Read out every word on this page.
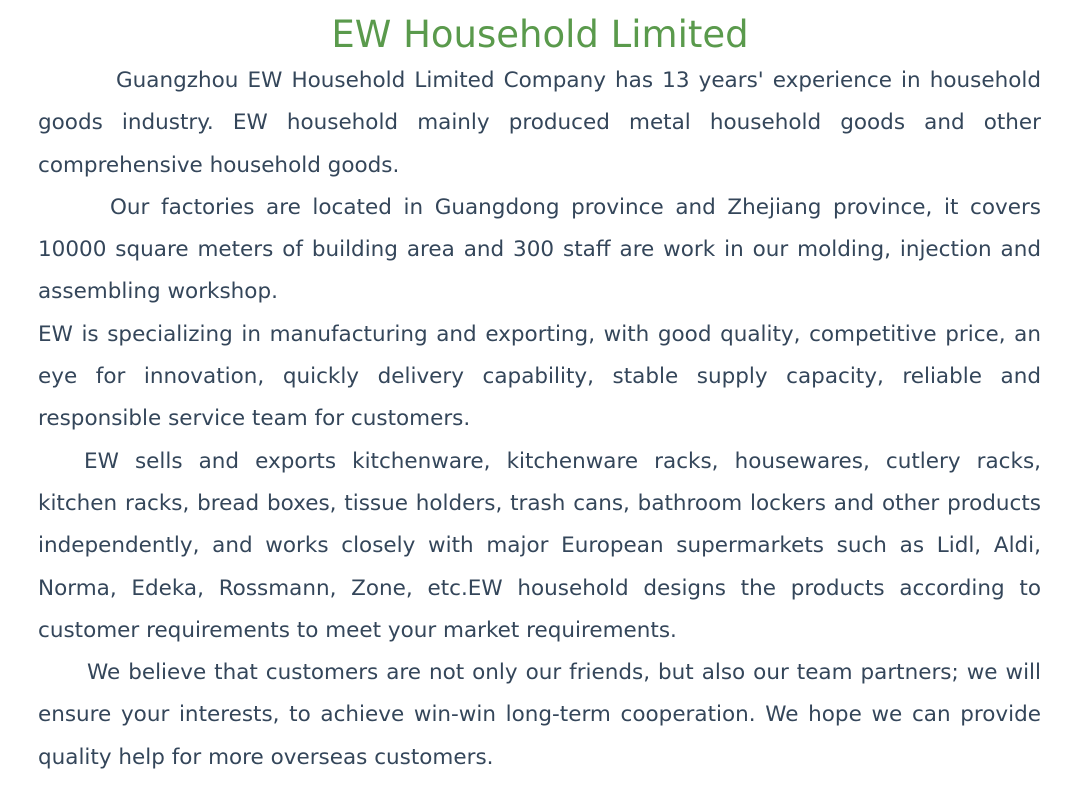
EW Household Limited

Guangzhou EW Household Limited Company has 13 years' experience in household goods industry. EW household mainly produced metal household goods and other comprehensive household goods.

Our factories are located in Guangdong province and Zhejiang province, it covers 10000 square meters of building area and 300 staff are work in our molding, injection and assembling workshop.

EW is specializing in manufacturing and exporting, with good quality, competitive price, an eye for innovation, quickly delivery capability, stable supply capacity, reliable and responsible service team for customers.

EW sells and exports kitchenware, kitchenware racks, housewares, cutlery racks, kitchen racks, bread boxes, tissue holders, trash cans, bathroom lockers and other products independently, and works closely with major European supermarkets such as Lidl, Aldi, Norma, Edeka, Rossmann, Zone, etc.EW household designs the products according to customer requirements to meet your market requirements.

We believe that customers are not only our friends, but also our team partners; we will ensure your interests, to achieve win-win long-term cooperation. We hope we can provide quality help for more overseas customers.
